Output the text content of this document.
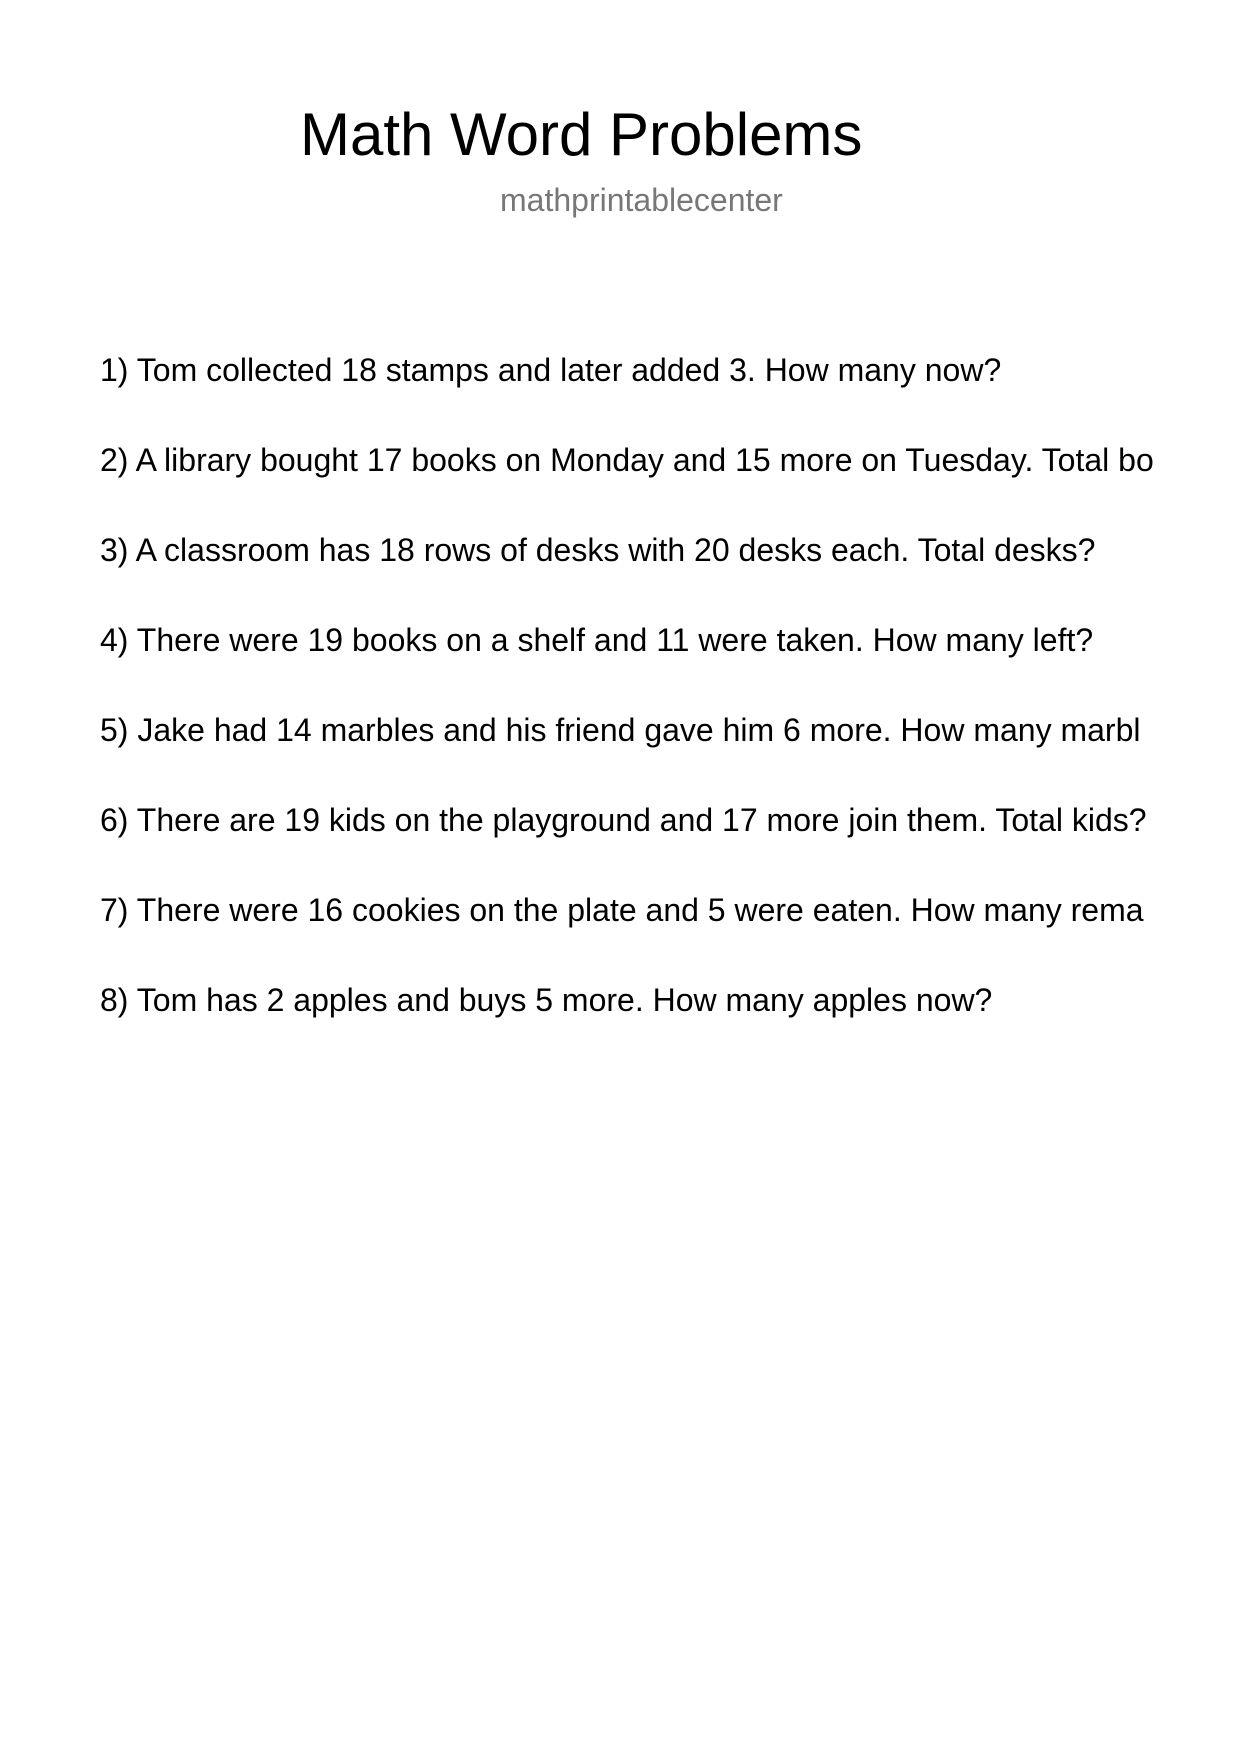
Math Word Problems
mathprintablecenter
1) Tom collected 18 stamps and later added 3. How many now?
2) A library bought 17 books on Monday and 15 more on Tuesday. Total bo
3) A classroom has 18 rows of desks with 20 desks each. Total desks?
4) There were 19 books on a shelf and 11 were taken. How many left?
5) Jake had 14 marbles and his friend gave him 6 more. How many marbl
6) There are 19 kids on the playground and 17 more join them. Total kids?
7) There were 16 cookies on the plate and 5 were eaten. How many rema
8) Tom has 2 apples and buys 5 more. How many apples now?
